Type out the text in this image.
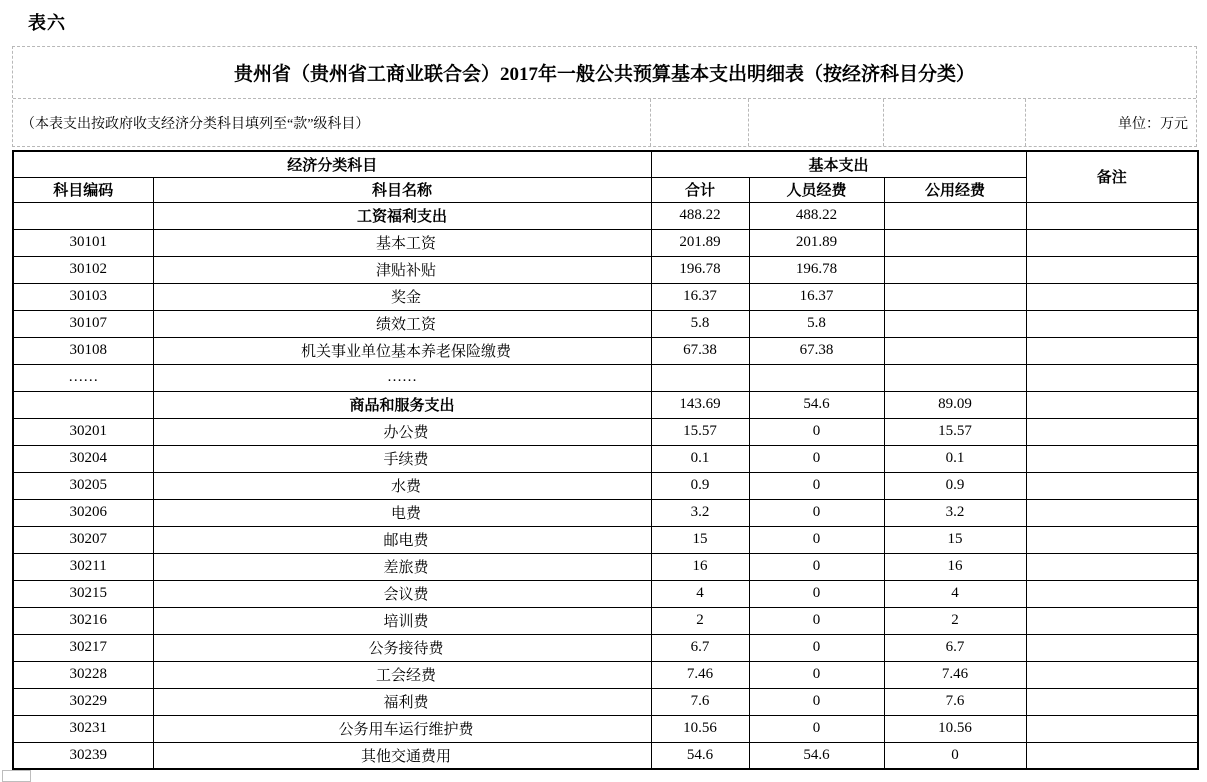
表六
贵州省（贵州省工商业联合会）2017年一般公共预算基本支出明细表（按经济科目分类）
（本表支出按政府收支经济分类科目填列至“款”级科目）	单位：万元
经济分类科目		基本支出			备注
科目编码	科目名称	合计	人员经费	公用经费	
	工资福利支出	488.22	488.22		
30101	基本工资	201.89	201.89		
30102	津贴补贴	196.78	196.78		
30103	奖金	16.37	16.37		
30107	绩效工资	5.8	5.8		
30108	机关事业单位基本养老保险缴费	67.38	67.38		
……	……				
	商品和服务支出	143.69	54.6	89.09	
30201	办公费	15.57	0	15.57	
30204	手续费	0.1	0	0.1	
30205	水费	0.9	0	0.9	
30206	电费	3.2	0	3.2	
30207	邮电费	15	0	15	
30211	差旅费	16	0	16	
30215	会议费	4	0	4	
30216	培训费	2	0	2	
30217	公务接待费	6.7	0	6.7	
30228	工会经费	7.46	0	7.46	
30229	福利费	7.6	0	7.6	
30231	公务用车运行维护费	10.56	0	10.56	
30239	其他交通费用	54.6	54.6	0	
